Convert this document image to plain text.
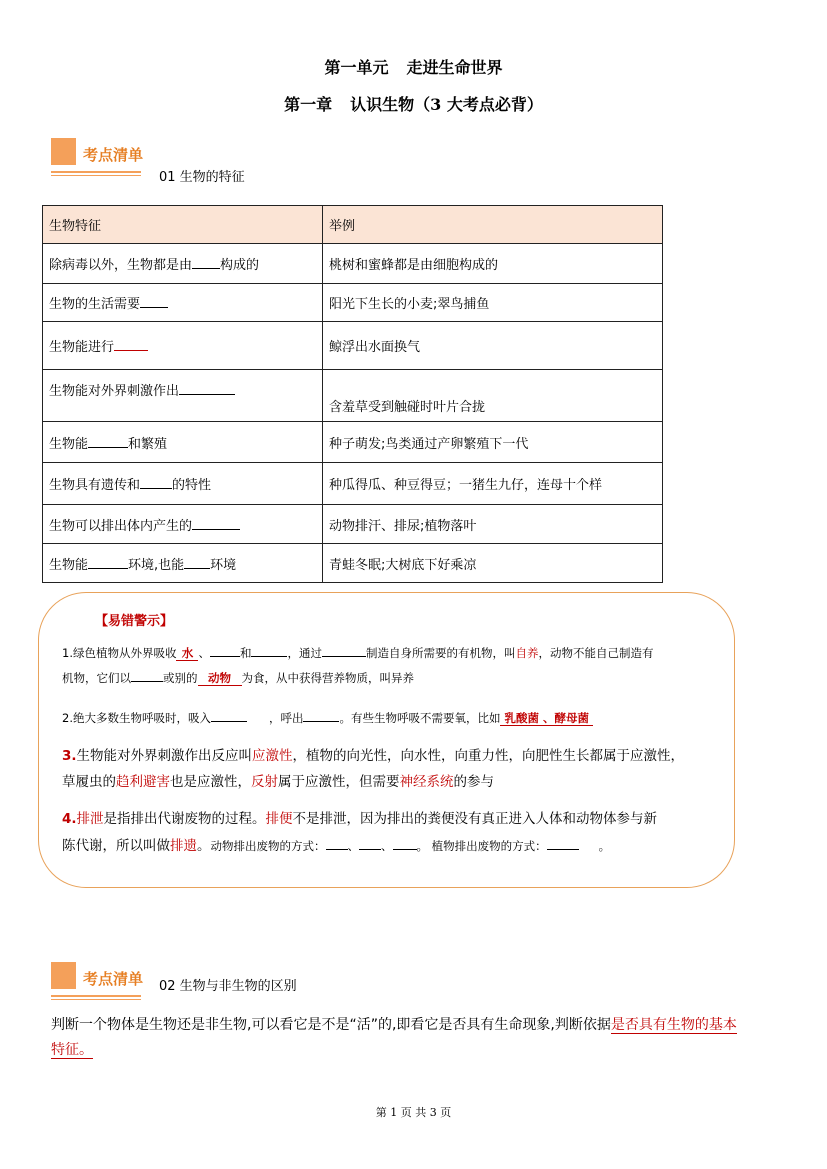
第一单元 走进生命世界
第一章 认识生物（3 大考点必背）
考点清单
01 生物的特征
生物特征	举例
除病毒以外，生物都是由 构成的	桃树和蜜蜂都是由细胞构成的
生物的生活需要	阳光下生长的小麦;翠鸟捕鱼
生物能进行	鲸浮出水面换气
生物能对外界刺激作出	含羞草受到触碰时叶片合拢
生物能 和繁殖	种子萌发;鸟类通过产卵繁殖下一代
生物具有遗传和 的特性	种瓜得瓜、种豆得豆；一猪生九仔，连母十个样
生物可以排出体内产生的	动物排汗、排尿;植物落叶
生物能 环境,也能 环境	青蛙冬眠;大树底下好乘凉
【易错警示】
1.绿色植物从外界吸收 水 、	和	，通过	制造自身所需要的有机物，叫自养，动物不能自己制造有
机物，它们以	或别的 动物 为食，从中获得营养物质，叫异养
2.绝大多数生物呼吸时，吸入	，呼出	。有些生物呼吸不需要氧，比如 乳酸菌 、酵母菌
3.生物能对外界刺激作出反应叫应激性，植物的向光性，向水性，向重力性，向肥性生长都属于应激性，
草履虫的趋利避害也是应激性，反射属于应激性，但需要神经系统的参与
4.排泄是指排出代谢废物的过程。排便不是排泄，因为排出的粪便没有真正进入人体和动物体参与新
陈代谢，所以叫做排遗。动物排出废物的方式： 、 、 。 植物排出废物的方式：	。
考点清单 02 生物与非生物的区别
判断一个物体是生物还是非生物,可以看它是不是“活”的,即看它是否具有生命现象,判断依据是否具有生物的基本
特征。
第 1 页 共 3 页
